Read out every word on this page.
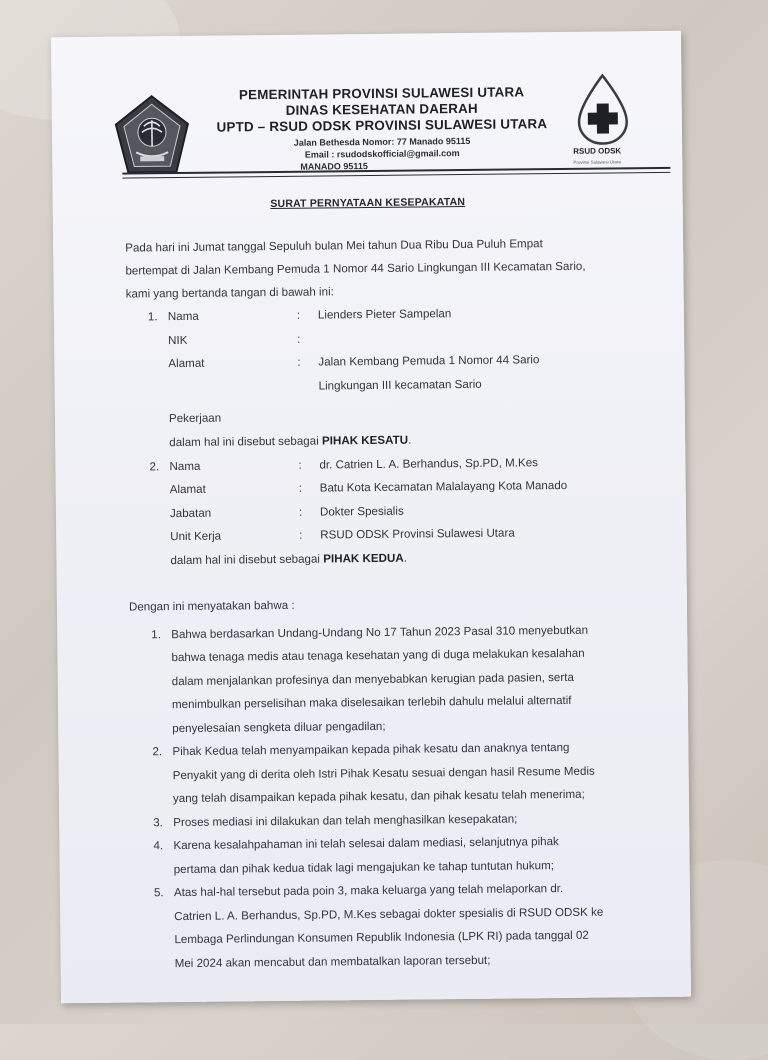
PEMERINTAH PROVINSI SULAWESI UTARA
DINAS KESEHATAN DAERAH
UPTD – RSUD ODSK PROVINSI SULAWESI UTARA
Jalan Bethesda Nomor: 77 Manado 95115
Email : rsudodskofficial@gmail.com
MANADO 95115
RSUD ODSK
Provinsi Sulawesi Utara
SURAT PERNYATAAN KESEPAKATAN

Pada hari ini Jumat tanggal Sepuluh bulan Mei tahun Dua Ribu Dua Puluh Empat

bertempat di Jalan Kembang Pemuda 1 Nomor 44 Sario Lingkungan III Kecamatan Sario,

kami yang bertanda tangan di bawah ini:

1. Nama	: Lienders Pieter Sampelan
NIK	:
Alamat	: Jalan Kembang Pemuda 1 Nomor 44 Sario
Lingkungan III kecamatan Sario
Pekerjaan
dalam hal ini disebut sebagai PIHAK KESATU.
2. Nama	: dr. Catrien L. A. Berhandus, Sp.PD, M.Kes
Alamat	: Batu Kota Kecamatan Malalayang Kota Manado
Jabatan	: Dokter Spesialis
Unit Kerja	: RSUD ODSK Provinsi Sulawesi Utara
dalam hal ini disebut sebagai PIHAK KEDUA.

Dengan ini menyatakan bahwa :

1. Bahwa berdasarkan Undang-Undang No 17 Tahun 2023 Pasal 310 menyebutkan

bahwa tenaga medis atau tenaga kesehatan yang di duga melakukan kesalahan

dalam menjalankan profesinya dan menyebabkan kerugian pada pasien, serta

menimbulkan perselisihan maka diselesaikan terlebih dahulu melalui alternatif

penyelesaian sengketa diluar pengadilan;

2. Pihak Kedua telah menyampaikan kepada pihak kesatu dan anaknya tentang

Penyakit yang di derita oleh Istri Pihak Kesatu sesuai dengan hasil Resume Medis

yang telah disampaikan kepada pihak kesatu, dan pihak kesatu telah menerima;

3. Proses mediasi ini dilakukan dan telah menghasilkan kesepakatan;

4. Karena kesalahpahaman ini telah selesai dalam mediasi, selanjutnya pihak

pertama dan pihak kedua tidak lagi mengajukan ke tahap tuntutan hukum;

5. Atas hal-hal tersebut pada poin 3, maka keluarga yang telah melaporkan dr.

Catrien L. A. Berhandus, Sp.PD, M.Kes sebagai dokter spesialis di RSUD ODSK ke

Lembaga Perlindungan Konsumen Republik Indonesia (LPK RI) pada tanggal 02

Mei 2024 akan mencabut dan membatalkan laporan tersebut;
